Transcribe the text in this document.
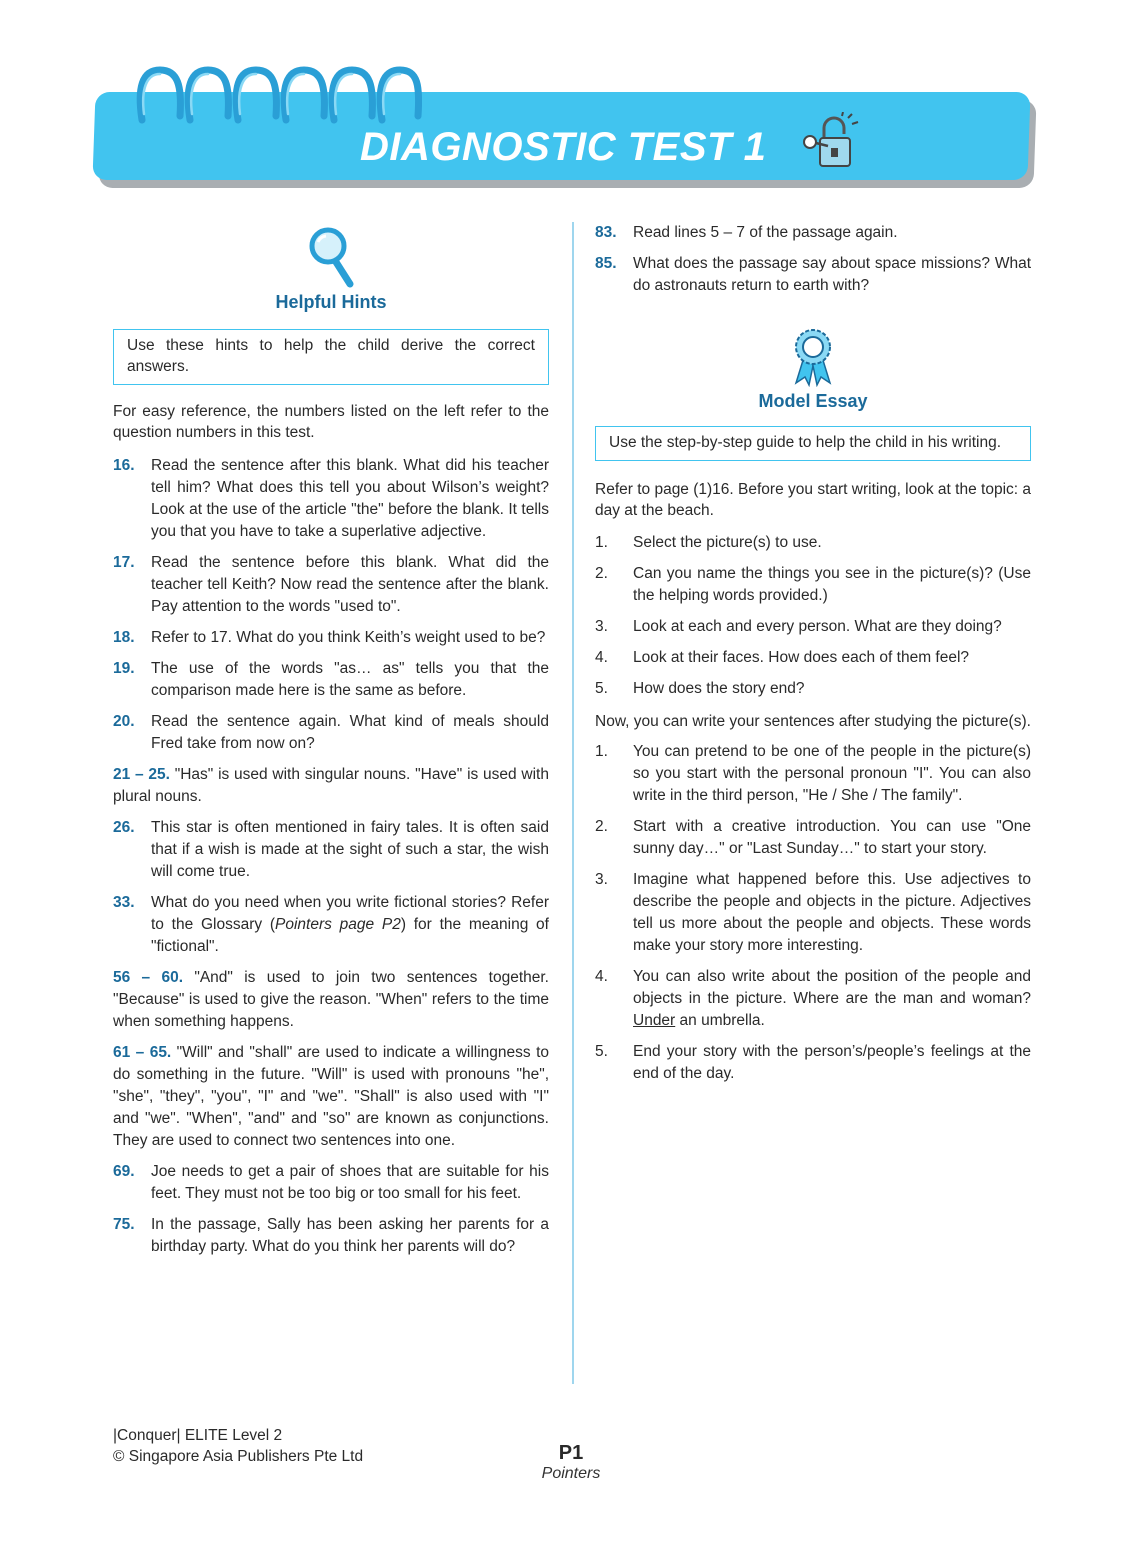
DIAGNOSTIC TEST 1
Helpful Hints
Use these hints to help the child derive the correct answers.

For easy reference, the numbers listed on the left refer to the question numbers in this test.

16.	Read the sentence after this blank. What did his teacher tell him? What does this tell you about Wilson’s weight? Look at the use of the article "the" before the blank. It tells you that you have to take a superlative adjective.
17.	Read the sentence before this blank. What did the teacher tell Keith? Now read the sentence after the blank. Pay attention to the words "used to".
18.	Refer to 17. What do you think Keith’s weight used to be?
19.	The use of the words "as… as" tells you that the comparison made here is the same as before.
20.	Read the sentence again. What kind of meals should Fred take from now on?
21 – 25. "Has" is used with singular nouns. "Have" is used with plural nouns.
26.	This star is often mentioned in fairy tales. It is often said that if a wish is made at the sight of such a star, the wish will come true.
33.	What do you need when you write fictional stories? Refer to the Glossary (Pointers page P2) for the meaning of "fictional".
56 – 60. "And" is used to join two sentences together. "Because" is used to give the reason. "When" refers to the time when something happens.
61 – 65. "Will" and "shall" are used to indicate a willingness to do something in the future. "Will" is used with pronouns "he", "she", "they", "you", "I" and "we". "Shall" is also used with "I" and "we". "When", "and" and "so" are known as conjunctions. They are used to connect two sentences into one.
69.	Joe needs to get a pair of shoes that are suitable for his feet. They must not be too big or too small for his feet.
75.	In the passage, Sally has been asking her parents for a birthday party. What do you think her parents will do?
83.	Read lines 5 – 7 of the passage again.
85.	What does the passage say about space missions? What do astronauts return to earth with?
Model Essay
Use the step-by-step guide to help the child in his writing.

Refer to page (1)16. Before you start writing, look at the topic: a day at the beach.

1.	Select the picture(s) to use.
2.	Can you name the things you see in the picture(s)? (Use the helping words provided.)
3.	Look at each and every person. What are they doing?
4.	Look at their faces. How does each of them feel?
5.	How does the story end?

Now, you can write your sentences after studying the picture(s).

1.	You can pretend to be one of the people in the picture(s) so you start with the personal pronoun "I". You can also write in the third person, "He / She / The family".
2.	Start with a creative introduction. You can use "One sunny day…" or "Last Sunday…" to start your story.
3.	Imagine what happened before this. Use adjectives to describe the people and objects in the picture. Adjectives tell us more about the people and objects. These words make your story more interesting.
4.	You can also write about the position of the people and objects in the picture. Where are the man and woman? Under an umbrella.
5.	End your story with the person’s/people’s feelings at the end of the day.
|Conquer| ELITE Level 2
© Singapore Asia Publishers Pte Ltd	P1
Pointers
